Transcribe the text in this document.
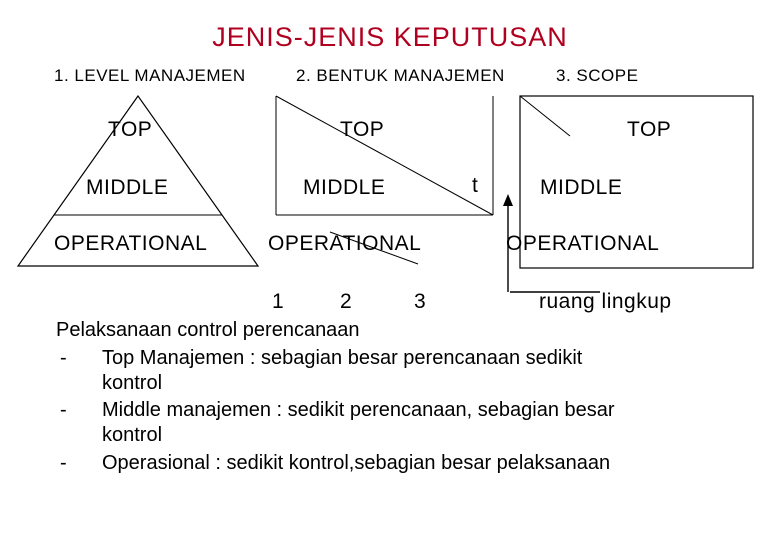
JENIS-JENIS KEPUTUSAN
1. LEVEL MANAJEMEN	2. BENTUK MANAJEMEN	3. SCOPE
TOP
MIDDLE
OPERATIONAL
TOP
MIDDLE
OPERATIONAL
t
1	2	3
TOP
MIDDLE
OPERATIONAL
ruang lingkup
Pelaksanaan control perencanaan
- Top Manajemen : sebagian besar perencanaan sedikit
kontrol
- Middle manajemen : sedikit perencanaan, sebagian besar
kontrol
- Operasional : sedikit kontrol,sebagian besar pelaksanaan
